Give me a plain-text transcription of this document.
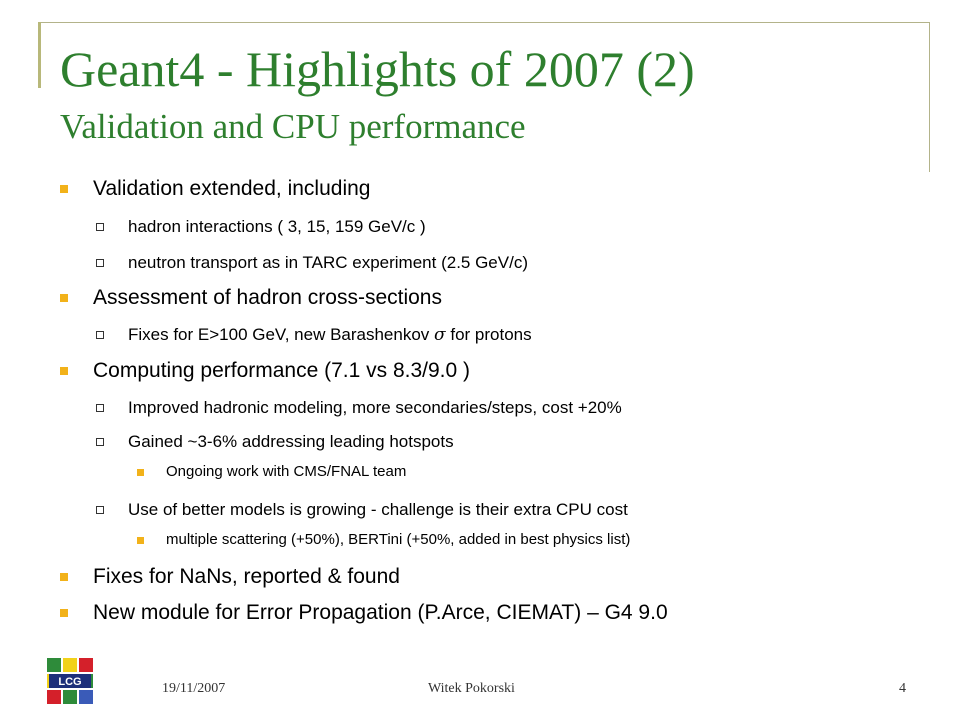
Geant4 - Highlights of 2007 (2)
Validation and CPU performance
Validation extended, including
hadron interactions ( 3, 15, 159 GeV/c )
neutron transport as in TARC experiment (2.5 GeV/c)
Assessment of hadron cross-sections
Fixes for E>100 GeV, new Barashenkov σ for protons
Computing performance (7.1 vs 8.3/9.0 )
Improved hadronic modeling, more secondaries/steps, cost +20%
Gained ~3-6% addressing leading hotspots
Ongoing work with CMS/FNAL team
Use of better models is growing - challenge is their extra CPU cost
multiple scattering (+50%), BERTini (+50%, added in best physics list)
Fixes for NaNs, reported & found
New module for Error Propagation (P.Arce, CIEMAT) – G4 9.0
LCG	19/11/2007	Witek Pokorski	4
